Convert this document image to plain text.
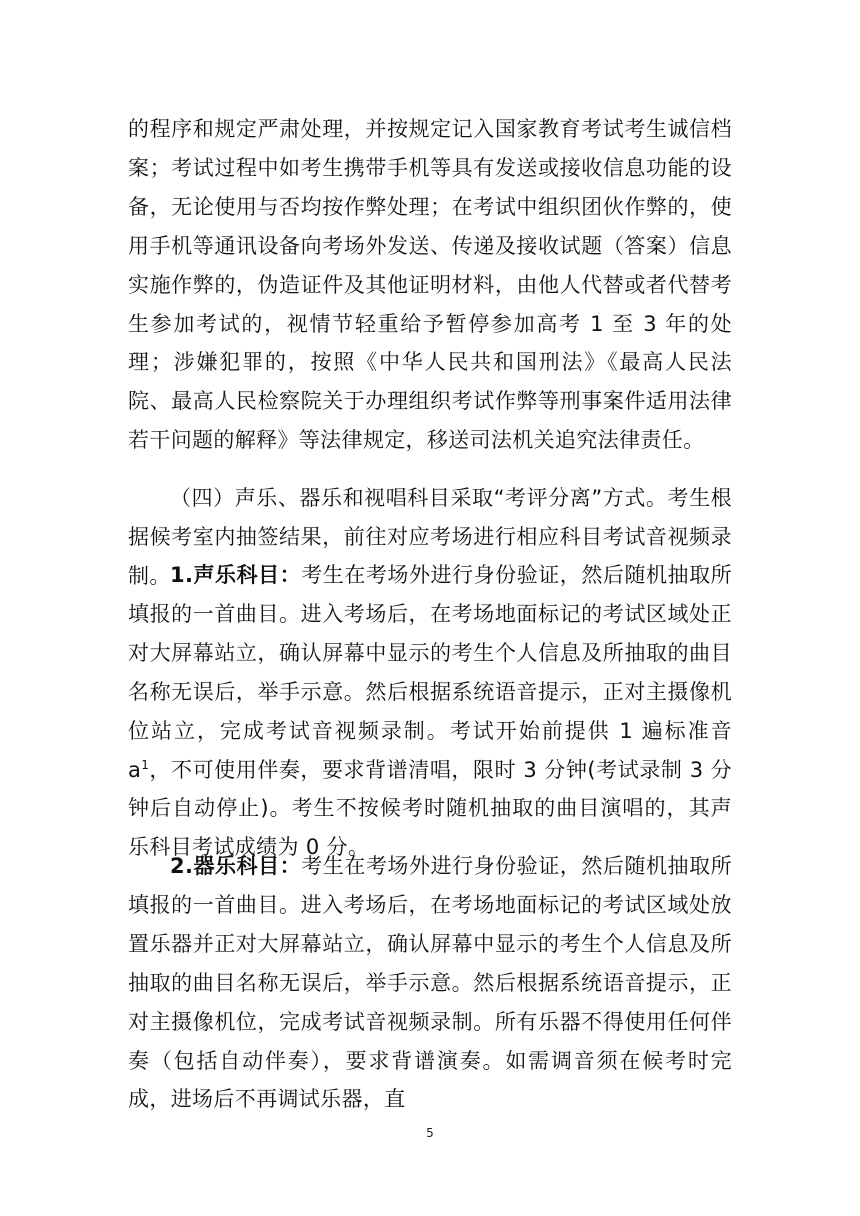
的程序和规定严肃处理，并按规定记入国家教育考试考生诚信档案；考试过程中如考生携带手机等具有发送或接收信息功能的设备，无论使用与否均按作弊处理；在考试中组织团伙作弊的，使用手机等通讯设备向考场外发送、传递及接收试题（答案）信息实施作弊的，伪造证件及其他证明材料，由他人代替或者代替考生参加考试的，视情节轻重给予暂停参加高考 1 至 3 年的处理；涉嫌犯罪的，按照《中华人民共和国刑法》《最高人民法院、最高人民检察院关于办理组织考试作弊等刑事案件适用法律若干问题的解释》等法律规定，移送司法机关追究法律责任。

（四）声乐、器乐和视唱科目采取“考评分离”方式。考生根据候考室内抽签结果，前往对应考场进行相应科目考试音视频录制。 1.声乐科目：考生在考场外进行身份验证，然后随机抽取所填报的一首曲目。进入考场后，在考场地面标记的考试区域处正对大屏幕站立，确认屏幕中显示的考生个人信息及所抽取的曲目名称无误后，举手示意。然后根据系统语音提示，正对主摄像机位站立，完成考试音视频录制。考试开始前提供 1 遍标准音 $a^1$，不可使用伴奏，要求背谱清唱，限时 3 分钟(考试录制 3 分钟后自动停止)。考生不按候考时随机抽取的曲目演唱的，其声乐科目考试成绩为 0 分。

2.器乐科目：考生在考场外进行身份验证，然后随机抽取所填报的一首曲目。进入考场后，在考场地面标记的考试区域处放置乐器并正对大屏幕站立，确认屏幕中显示的考生个人信息及所抽取的曲目名称无误后，举手示意。然后根据系统语音提示，正对主摄像机位，完成考试音视频录制。所有乐器不得使用任何伴奏（包括自动伴奏），要求背谱演奏。如需调音须在候考时完成，进场后不再调试乐器，直

5
